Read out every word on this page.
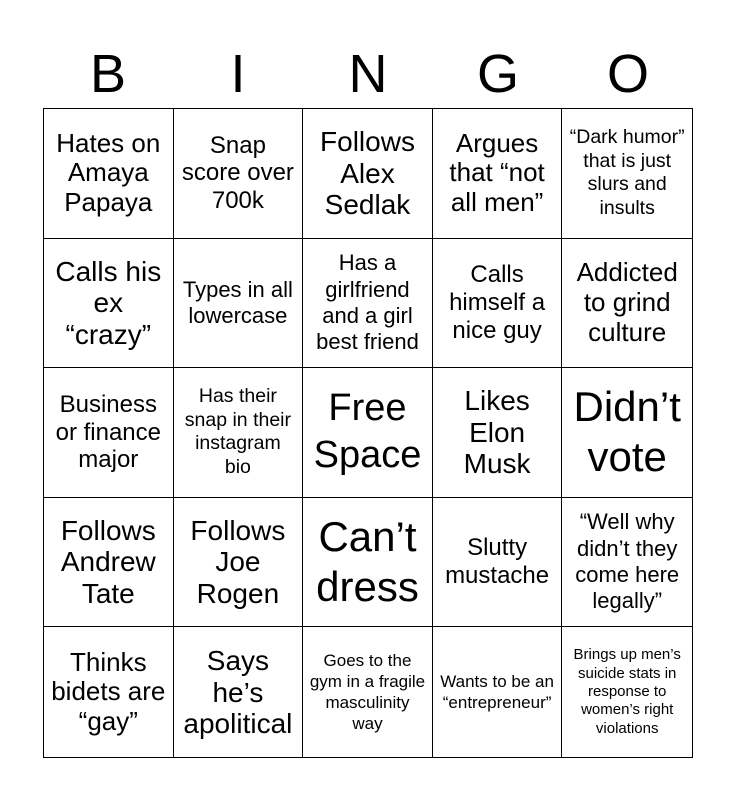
B	I	N	G	O
Hates on Amaya Papaya
Snap score over 700k
Follows Alex Sedlak
Argues that “not all men”
“Dark humor” that is just slurs and insults
Calls his ex “crazy”
Types in all lowercase
Has a girlfriend and a girl best friend
Calls himself a nice guy
Addicted to grind culture
Business or finance major
Has their snap in their instagram bio
Free Space
Likes Elon Musk
Didn’t vote
Follows Andrew Tate
Follows Joe Rogen
Can’t dress
Slutty mustache
“Well why didn’t they come here legally”
Thinks bidets are “gay”
Says he’s apolitical
Goes to the gym in a fragile masculinity way
Wants to be an “entrepreneur”
Brings up men’s suicide stats in response to women’s right violations
